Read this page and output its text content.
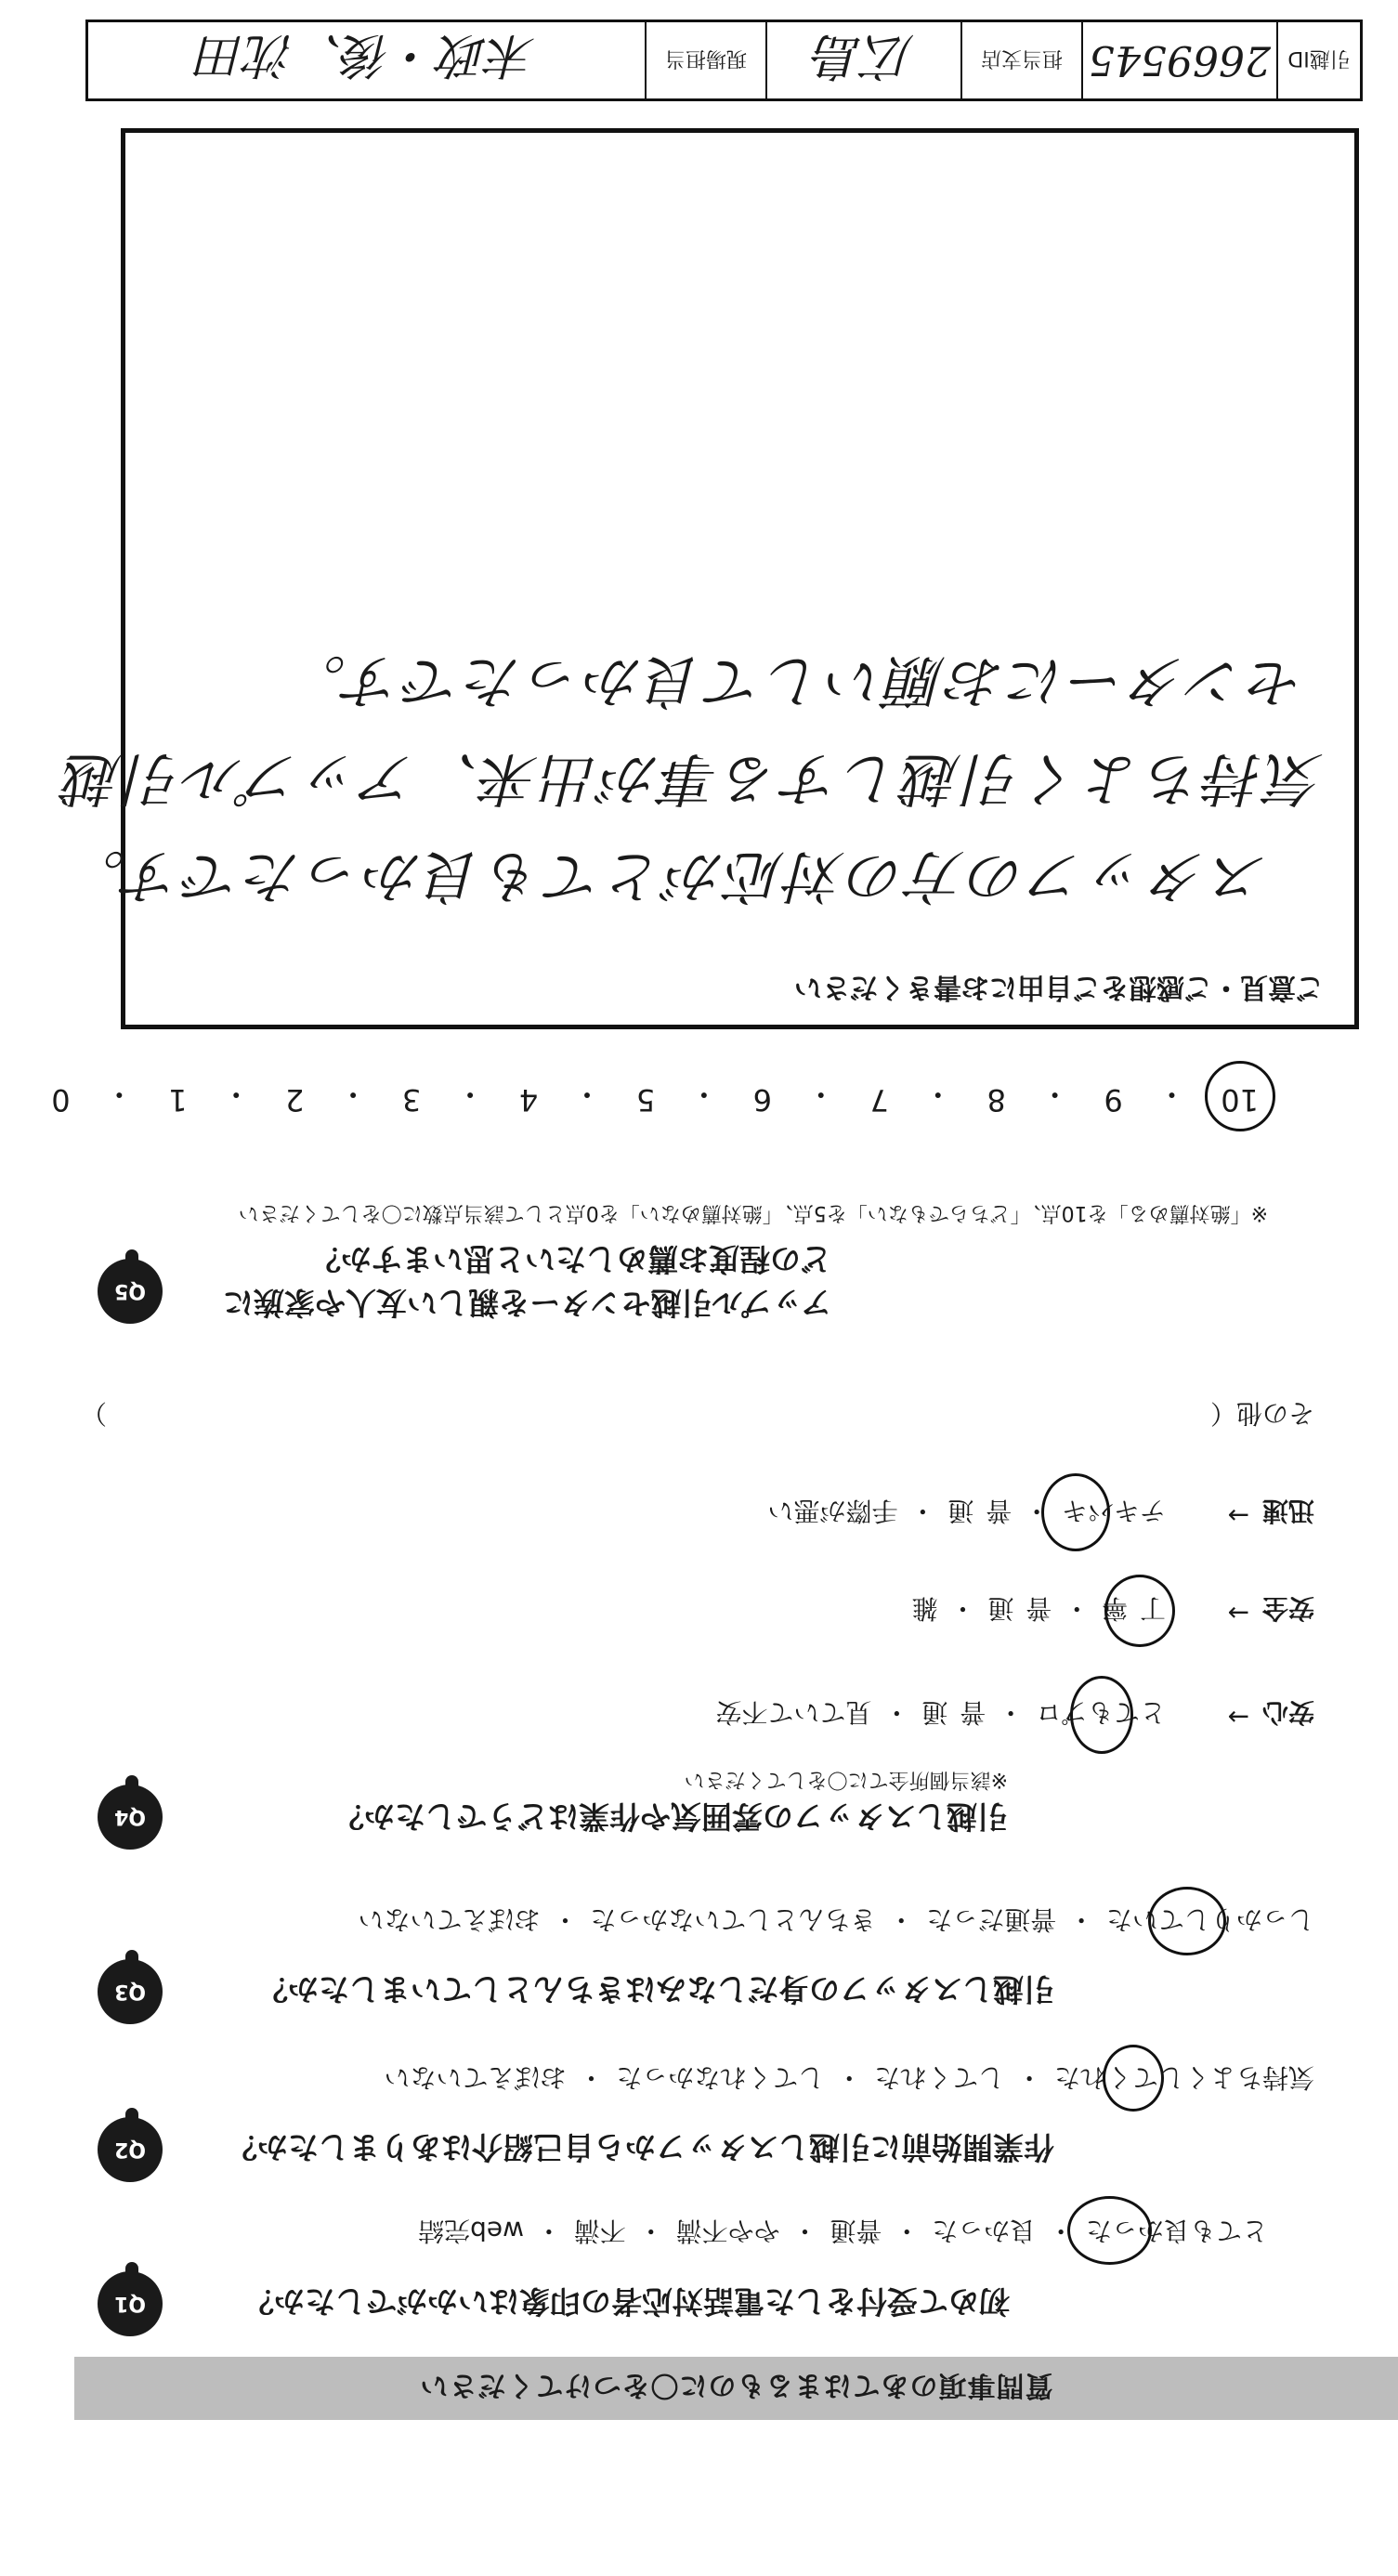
質問事項のあてはまるものに〇をつけてください
Q1	初めて受付をした電話対応者の印象はいかがでしたか？
とても良かった ・ 良かった ・ 普通 ・ やや不満 ・ 不満 ・ web完結
Q2	作業開始前に引越しスタッフから自己紹介はありましたか？
気持ちよくしてくれた ・ してくれた ・ してくれなかった ・ おぼえていない
Q3	引越しスタッフの身だしなみはきちんとしていましたか？
しっかりしていた ・ 普通だった ・ きちんとしていなかった ・ おぼえていない
Q4	引越しスタッフの雰囲気や作業はどうでしたか？
※該当個所全てに〇をしてください
安心
→
とてもプロ ・ 普 通 ・ 見ていて不安
安全
→
丁 寧 ・ 普 通 ・ 雑
迅速
→
テキパキ ・ 普 通 ・ 手際が悪い
その他（
）
Q5	アップル引越センターを親しい友人や家族に
どの程度お薦めしたいと思いますか？
※「絶対薦める」を10点、「どちらでもない」を5点、「絶対薦めない」を0点として該当点数に〇をしてください
10
・
9
・
8
・
7
・
6
・
5
・
4
・
3
・
2
・
1
・
0
ご意見・ご感想をご自由にお書きください
スタッフの方の対応がとても良かったです。
気持ちよく引越しする事が出来、アップル引越
センターにお願いして良かったです。
引越ID
2669545
担当支店
広島
現場担当
末政・後、沈田
